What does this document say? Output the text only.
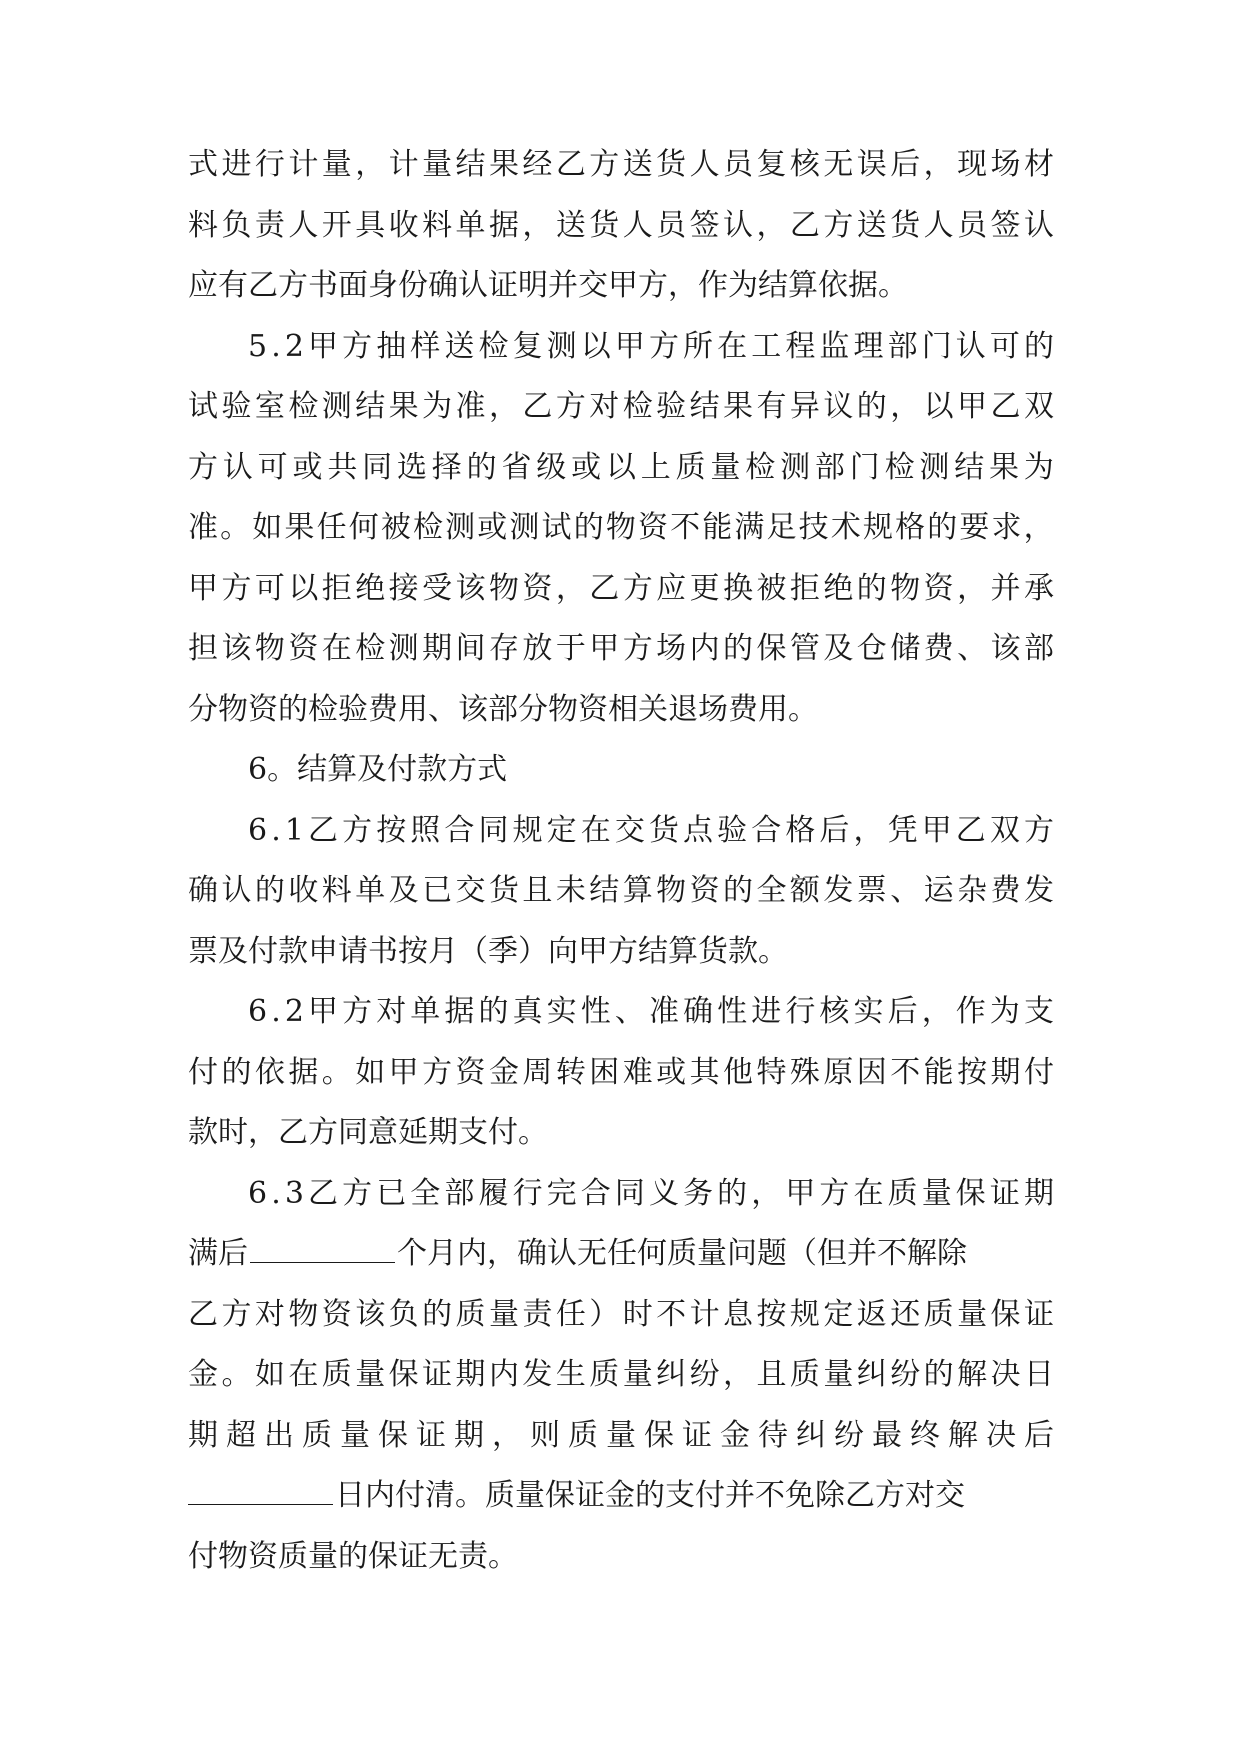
式 进 行 计 量 ， 计 量 结 果 经 乙 方 送 货 人 员 复 核 无 误 后 ， 现 场 材
料 负 责 人 开 具 收 料 单 据 ， 送 货 人 员 签 认 ， 乙 方 送 货 人 员 签 认
应有乙方书面身份确认证明并交甲方，作为结算依据。
5 . 2 甲 方 抽 样 送 检 复 测 以 甲 方 所 在 工 程 监 理 部 门 认 可 的
试 验 室 检 测 结 果 为 准 ， 乙 方 对 检 验 结 果 有 异 议 的 ， 以 甲 乙 双
方 认 可 或 共 同 选 择 的 省 级 或 以 上 质 量 检 测 部 门 检 测 结 果 为
准 。 如 果 任 何 被 检 测 或 测 试 的 物 资 不 能 满 足 技 术 规 格 的 要 求 ，
甲 方 可 以 拒 绝 接 受 该 物 资 ， 乙 方 应 更 换 被 拒 绝 的 物 资 ， 并 承
担 该 物 资 在 检 测 期 间 存 放 于 甲 方 场 内 的 保 管 及 仓 储 费 、 该 部
分物资的检验费用、该部分物资相关退场费用。
6。结算及付款方式
6 . 1 乙 方 按 照 合 同 规 定 在 交 货 点 验 合 格 后 ， 凭 甲 乙 双 方
确 认 的 收 料 单 及 已 交 货 且 未 结 算 物 资 的 全 额 发 票 、 运 杂 费 发
票及付款申请书按月（季）向甲方结算货款。
6 . 2 甲 方 对 单 据 的 真 实 性 、 准 确 性 进 行 核 实 后 ， 作 为 支
付 的 依 据 。 如 甲 方 资 金 周 转 困 难 或 其 他 特 殊 原 因 不 能 按 期 付
款时，乙方同意延期支付。
6 . 3 乙 方 已 全 部 履 行 完 合 同 义 务 的 ， 甲 方 在 质 量 保 证 期
满后	个月内，确认无任何质量问题（但并不解除
乙 方 对 物 资 该 负 的 质 量 责 任 ） 时 不 计 息 按 规 定 返 还 质 量 保 证
金 。 如 在 质 量 保 证 期 内 发 生 质 量 纠 纷 ， 且 质 量 纠 纷 的 解 决 日
期 超 出 质 量 保 证 期 ， 则 质 量 保 证 金 待 纠 纷 最 终 解 决 后
日内付清。质量保证金的支付并不免除乙方对交
付物资质量的保证无责。
